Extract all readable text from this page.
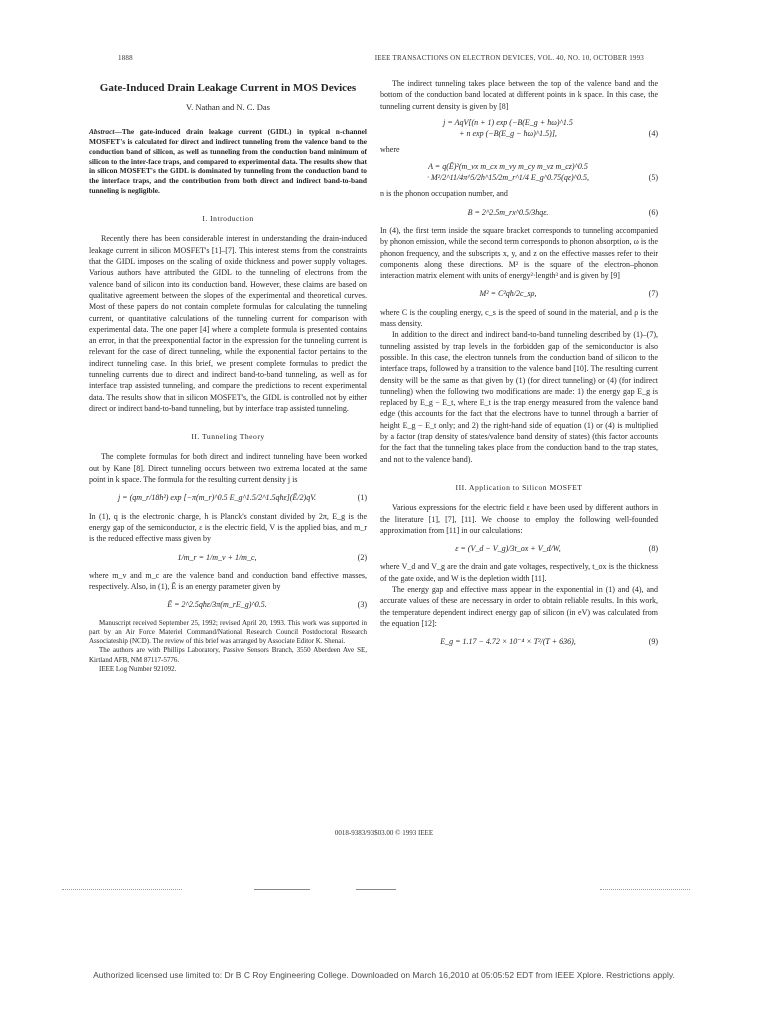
1888	IEEE TRANSACTIONS ON ELECTRON DEVICES, VOL. 40, NO. 10, OCTOBER 1993
Gate-Induced Drain Leakage Current in MOS Devices
V. Nathan and N. C. Das
Abstract—The gate-induced drain leakage current (GIDL) in typical n-channel MOSFET's is calculated for direct and indirect tunneling from the valence band to the conduction band of silicon, as well as tunneling from the conduction band minimum of silicon to the inter-face traps, and compared to experimental data. The results show that in silicon MOSFET's the GIDL is dominated by tunneling from the conduction band to the interface traps, and the contribution from both direct and indirect band-to-band tunneling is negligible.
I. Introduction

Recently there has been considerable interest in understanding the drain-induced leakage current in silicon MOSFET's [1]–[7]. This interest stems from the constraints that the GIDL imposes on the scaling of oxide thickness and power supply voltages. Various authors have attributed the GIDL to the tunneling of electrons from the valence band of silicon into its conduction band. However, these claims are based on qualitative agreement between the slopes of the experimental and theoretical curves. Most of these papers do not contain complete formulas for calculating the tunneling current, or quantitative calculations of the tunneling current for comparison with experimental data. The one paper [4] where a complete formula is presented contains an error, in that the preexponential factor in the expression for the tunneling current is relevant for the case of direct tunneling, while the exponential factor pertains to the indirect tunneling case. In this brief, we present complete formulas to predict the tunneling currents due to direct and indirect band-to-band tunneling, as well as for interface trap assisted tunneling, and compare the predictions to recent experimental data. The results show that in silicon MOSFET's, the GIDL is controlled not by either direct or indirect band-to-band tunneling, but by interface trap assisted tunneling.

II. Tunneling Theory

The complete formulas for both direct and indirect tunneling have been worked out by Kane [8]. Direct tunneling occurs between two extrema located at the same point in k space. The formula for the resulting current density j is

j = (qm_r/18h²) exp [−π(m_r)^0.5 E_g^1.5/2^1.5qħε](Ē/2)qV.	(1)

In (1), q is the electronic charge, h is Planck's constant divided by 2π, E_g is the energy gap of the semiconductor, ε is the electric field, V is the applied bias, and m_r is the reduced effective mass given by

1/m_r = 1/m_v + 1/m_c,	(2)

where m_v and m_c are the valence band and conduction band effective masses, respectively. Also, in (1), Ē is an energy parameter given by

Ē = 2^2.5qħε/3π(m_rE_g)^0.5.	(3)
Manuscript received September 25, 1992; revised April 20, 1993. This work was supported in part by an Air Force Materiel Command/National Research Council Postdoctoral Research Associateship (NCD). The review of this brief was arranged by Associate Editor K. Shenai.
The authors are with Phillips Laboratory, Passive Sensors Branch, 3550 Aberdeen Ave SE, Kirtland AFB, NM 87117-5776.
IEEE Log Number 921092.

The indirect tunneling takes place between the top of the valence band and the bottom of the conduction band located at different points in k space. In this case, the tunneling current density is given by [8]

j = AqV[(n + 1) exp (−B(E_g + ħω)^1.5
+ n exp (−B(E_g − ħω)^1.5)],	(4)

where

A = q(Ē)²(m_vx m_cx m_vy m_cy m_vz m_cz)^0.5
· M²/2^11/4π^5/2h^15/2m_r^1/4 E_g^0.75(qε)^0.5,	(5)

n is the phonon occupation number, and

B = 2^2.5m_rx^0.5/3hqε.	(6)

In (4), the first term inside the square bracket corresponds to tunneling accompanied by phonon emission, while the second term corresponds to phonon absorption, ω is the phonon frequency, and the subscripts x, y, and z on the effective masses refer to their components along these directions. M² is the square of the electron–phonon interaction matrix element with units of energy²·length³ and is given by [9]

M² = C²qħ/2c_sρ,	(7)

where C is the coupling energy, c_s is the speed of sound in the material, and ρ is the mass density.

In addition to the direct and indirect band-to-band tunneling described by (1)–(7), tunneling assisted by trap levels in the forbidden gap of the semiconductor is also possible. In this case, the electron tunnels from the conduction band of silicon to the interface traps, followed by a transition to the valence band [10]. The resulting current density will be the same as that given by (1) (for direct tunneling) or (4) (for indirect tunneling) when the following two modifications are made: 1) the energy gap E_g is replaced by E_g − E_t, where E_t is the trap energy measured from the valence band edge (this accounts for the fact that the electrons have to tunnel through a barrier of height E_g − E_t only; and 2) the right-hand side of equation (1) or (4) is multiplied by a factor (trap density of states/valence band density of states) (this factor accounts for the fact that the tunneling takes place from the conduction band to the trap states, and not to the valence band).

III. Application to Silicon MOSFET

Various expressions for the electric field ε have been used by different authors in the literature [1], [7], [11]. We choose to employ the following well-founded approximation from [11] in our calculations:

ε = (V_d − V_g)/3t_ox + V_d/W,	(8)

where V_d and V_g are the drain and gate voltages, respectively, t_ox is the thickness of the gate oxide, and W is the depletion width [11].

The energy gap and effective mass appear in the exponential in (1) and (4), and accurate values of these are necessary in order to obtain reliable results. In this work, the temperature dependent indirect energy gap of silicon (in eV) was calculated from the equation [12]:

E_g = 1.17 − 4.72 × 10⁻⁴ × T²/(T + 636),	(9)
0018-9383/93$03.00 © 1993 IEEE
Authorized licensed use limited to: Dr B C Roy Engineering College. Downloaded on March 16,2010 at 05:05:52 EDT from IEEE Xplore. Restrictions apply.
